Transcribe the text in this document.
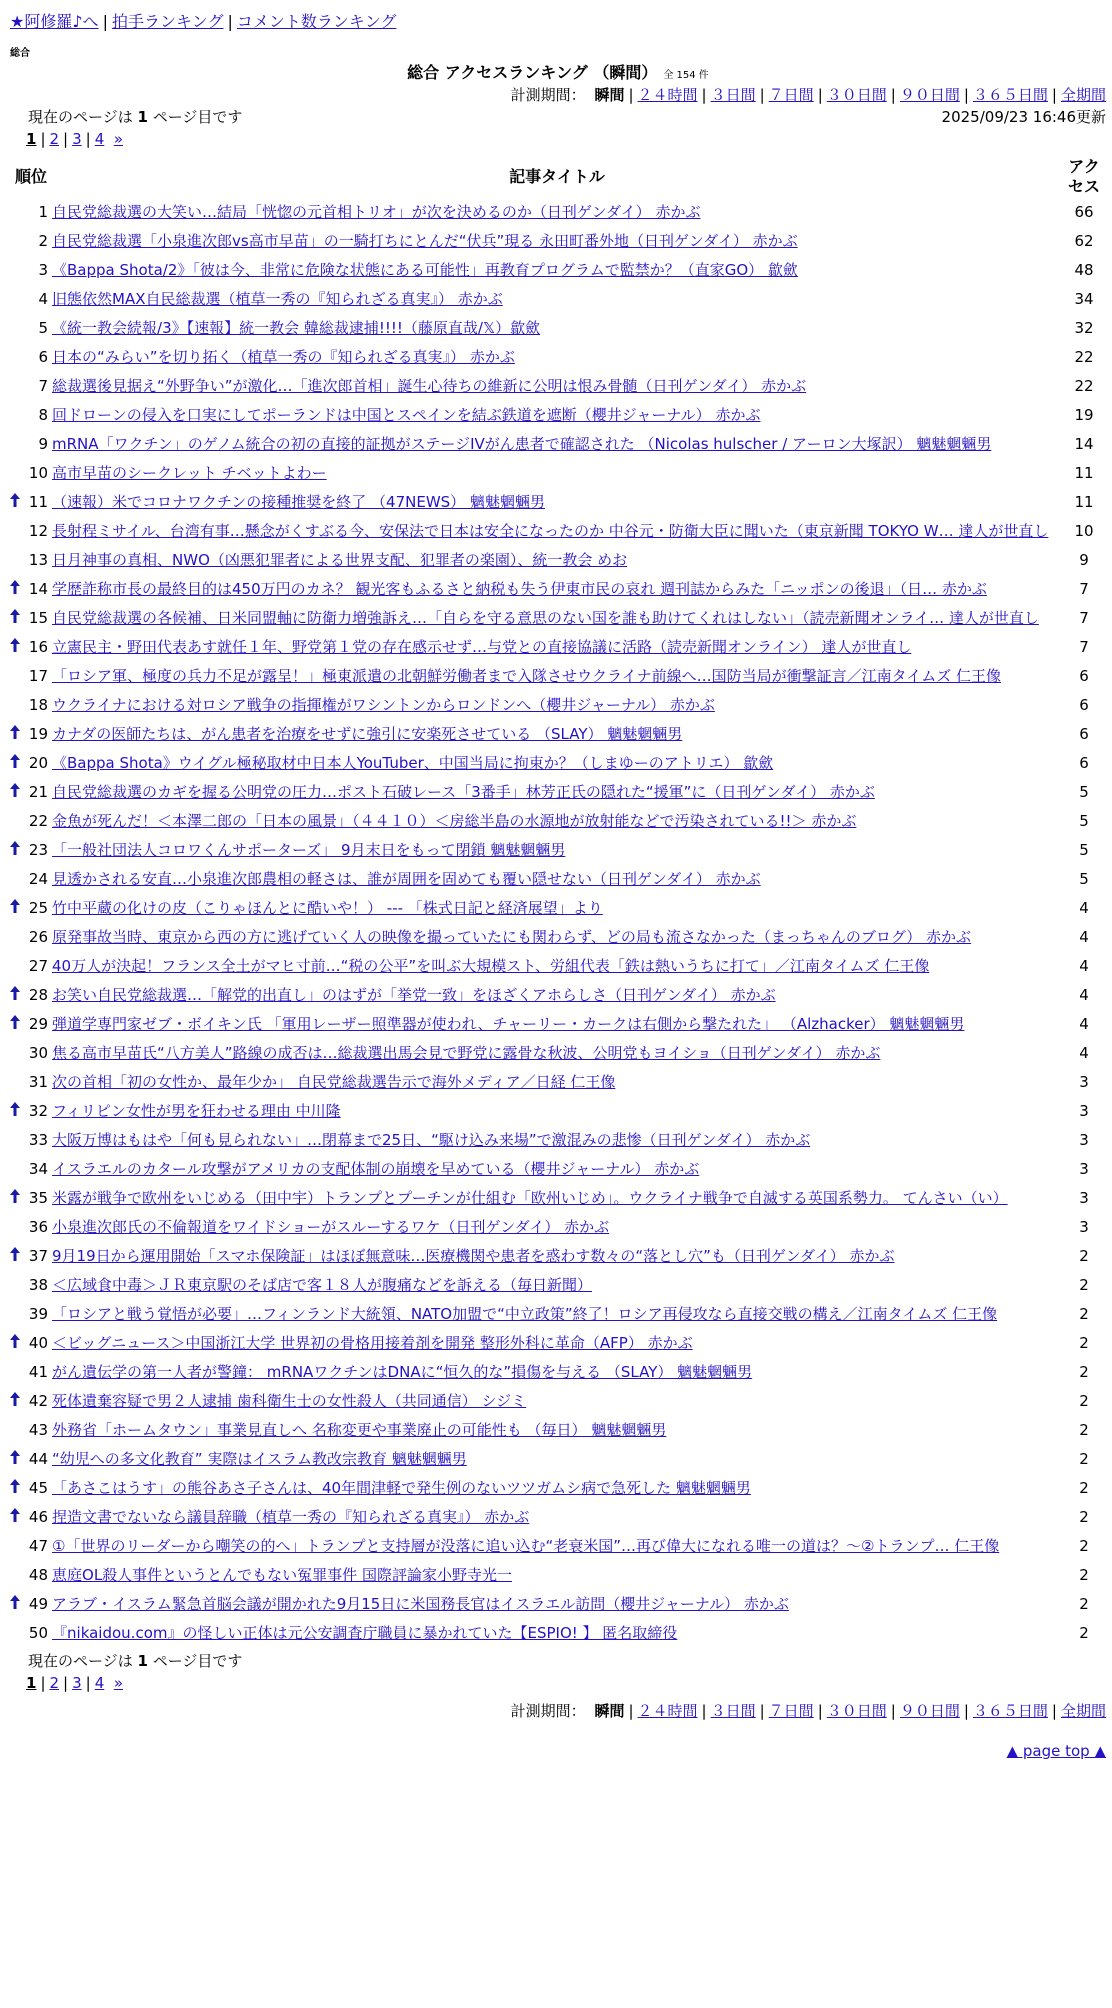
★阿修羅♪へ | 拍手ランキング | コメント数ランキング
総合
総合 アクセスランキング （瞬間） 全 154 件
計測期間： 瞬間 | ２４時間 | ３日間 | ７日間 | ３０日間 | ９０日間 | ３６５日間 | 全期間
現在のページは 1 ページ目です	2025/09/23 16:46更新
1 | 2 | 3 | 4 »
順位		記事タイトル	アクセス
	1	自民党総裁選の大笑い…結局「恍惚の元首相トリオ」が次を決めるのか（日刊ゲンダイ） 赤かぶ	66
	2	自民党総裁選「小泉進次郎vs高市早苗」の一騎打ちにとんだ“伏兵”現る 永田町番外地（日刊ゲンダイ） 赤かぶ	62
	3	《Bappa Shota/2》「彼は今、非常に危険な状態にある可能性」再教育プログラムで監禁か？（直家GO） 歙歛	48
	4	旧態依然MAX自民総裁選（植草一秀の『知られざる真実』） 赤かぶ	34
	5	《統一教会続報/3》【速報】統一教会 韓総裁逮捕!!!!（藤原直哉/𝕏）歙歛	32
	6	日本の“みらい”を切り拓く（植草一秀の『知られざる真実』） 赤かぶ	22
	7	総裁選後見据え“外野争い”が激化…「進次郎首相」誕生心待ちの維新に公明は恨み骨髄（日刊ゲンダイ） 赤かぶ	22
	8	回ドローンの侵入を口実にしてポーランドは中国とスペインを結ぶ鉄道を遮断（櫻井ジャーナル） 赤かぶ	19
	9	mRNA「ワクチン」のゲノム統合の初の直接的証拠がステージIVがん患者で確認された （Nicolas hulscher / アーロン大塚訳） 魑魅魍魎男	14
	10	高市早苗のシークレット チベットよわー	11
	11	（速報）米でコロナワクチンの接種推奨を終了 （47NEWS） 魑魅魍魎男	11
	12	長射程ミサイル、台湾有事…懸念がくすぶる今、安保法で日本は安全になったのか 中谷元・防衛大臣に聞いた（東京新聞 TOKYO W… 達人が世直し	10
	13	日月神事の真相、NWO（凶悪犯罪者による世界支配、犯罪者の楽園）、統一教会 めお	9
	14	学歴詐称市長の最終目的は450万円のカネ？ 観光客もふるさと納税も失う伊東市民の哀れ 週刊誌からみた「ニッポンの後退」（日… 赤かぶ	7
	15	自民党総裁選の各候補、日米同盟軸に防衛力増強訴え…「自らを守る意思のない国を誰も助けてくれはしない」（読売新聞オンライ… 達人が世直し	7
	16	立憲民主・野田代表あす就任１年、野党第１党の存在感示せず…与党との直接協議に活路（読売新聞オンライン） 達人が世直し	7
	17	「ロシア軍、極度の兵力不足が露呈！」極東派遣の北朝鮮労働者まで入隊させウクライナ前線へ…国防当局が衝撃証言／江南タイムズ 仁王像	6
	18	ウクライナにおける対ロシア戦争の指揮権がワシントンからロンドンへ（櫻井ジャーナル） 赤かぶ	6
	19	カナダの医師たちは、がん患者を治療をせずに強引に安楽死させている （SLAY） 魑魅魍魎男	6
	20	《Bappa Shota》ウイグル極秘取材中日本人YouTuber、中国当局に拘束か？（しまゆーのアトリエ） 歙歛	6
	21	自民党総裁選のカギを握る公明党の圧力…ポスト石破レース「3番手」林芳正氏の隠れた“援軍”に（日刊ゲンダイ） 赤かぶ	5
	22	金魚が死んだ！＜本澤二郎の「日本の風景」（４４１０）＜房総半島の水源地が放射能などで汚染されている!!＞ 赤かぶ	5
	23	「一般社団法人コロワくんサポーターズ」 9月末日をもって閉鎖 魑魅魍魎男	5
	24	見透かされる安直…小泉進次郎農相の軽さは、誰が周囲を固めても覆い隠せない（日刊ゲンダイ） 赤かぶ	5
	25	竹中平蔵の化けの皮（こりゃほんとに酷いや！） --- 「株式日記と経済展望」より	4
	26	原発事故当時、東京から西の方に逃げていく人の映像を撮っていたにも関わらず、どの局も流さなかった（まっちゃんのブログ） 赤かぶ	4
	27	40万人が決起！フランス全土がマヒ寸前…“税の公平”を叫ぶ大規模スト、労組代表「鉄は熱いうちに打て」／江南タイムズ 仁王像	4
	28	お笑い自民党総裁選…「解党的出直し」のはずが「挙党一致」をほざくアホらしさ（日刊ゲンダイ） 赤かぶ	4
	29	弾道学専門家ゼブ・ボイキン氏 「軍用レーザー照準器が使われ、チャーリー・カークは右側から撃たれた」 （Alzhacker） 魑魅魍魎男	4
	30	焦る高市早苗氏“八方美人”路線の成否は…総裁選出馬会見で野党に露骨な秋波、公明党もヨイショ（日刊ゲンダイ） 赤かぶ	4
	31	次の首相「初の女性か、最年少か」 自民党総裁選告示で海外メディア／日経 仁王像	3
	32	フィリピン女性が男を狂わせる理由 中川隆	3
	33	大阪万博はもはや「何も見られない」…閉幕まで25日、“駆け込み来場”で激混みの悲惨（日刊ゲンダイ） 赤かぶ	3
	34	イスラエルのカタール攻撃がアメリカの支配体制の崩壊を早めている（櫻井ジャーナル） 赤かぶ	3
	35	米露が戦争で欧州をいじめる（田中宇）トランプとプーチンが仕組む「欧州いじめ」。ウクライナ戦争で自滅する英国系勢力。 てんさい（い）	3
	36	小泉進次郎氏の不倫報道をワイドショーがスルーするワケ（日刊ゲンダイ） 赤かぶ	3
	37	9月19日から運用開始「スマホ保険証」はほぼ無意味…医療機関や患者を惑わす数々の“落とし穴”も（日刊ゲンダイ） 赤かぶ	2
	38	＜広域食中毒＞ＪＲ東京駅のそば店で客１８人が腹痛などを訴える（毎日新聞）	2
	39	「ロシアと戦う覚悟が必要」…フィンランド大統領、NATO加盟で“中立政策”終了！ロシア再侵攻なら直接交戦の構え／江南タイムズ 仁王像	2
	40	＜ビッグニュース＞中国浙江大学 世界初の骨格用接着剤を開発 整形外科に革命（AFP） 赤かぶ	2
	41	がん遺伝学の第一人者が警鐘： mRNAワクチンはDNAに“恒久的な”損傷を与える （SLAY） 魑魅魍魎男	2
	42	死体遺棄容疑で男２人逮捕 歯科衛生士の女性殺人（共同通信） シジミ	2
	43	外務省「ホームタウン」事業見直しへ 名称変更や事業廃止の可能性も （毎日） 魑魅魍魎男	2
	44	“幼児への多文化教育” 実際はイスラム教改宗教育 魑魅魍魎男	2
	45	「あさこはうす」の熊谷あさ子さんは、40年間津軽で発生例のないツツガムシ病で急死した 魑魅魍魎男	2
	46	捏造文書でないなら議員辞職（植草一秀の『知られざる真実』） 赤かぶ	2
	47	①「世界のリーダーから嘲笑の的へ」トランプと支持層が没落に追い込む“老衰米国”…再び偉大になれる唯一の道は？～②トランプ… 仁王像	2
	48	恵庭OL殺人事件というとんでもない冤罪事件 国際評論家小野寺光一	2
	49	アラブ・イスラム緊急首脳会議が開かれた9月15日に米国務長官はイスラエル訪問（櫻井ジャーナル） 赤かぶ	2
	50	『nikaidou.com』の怪しい正体は元公安調査庁職員に暴かれていた【ESPIO! 】 匿名取締役	2
現在のページは 1 ページ目です
1 | 2 | 3 | 4 »
計測期間： 瞬間 | ２４時間 | ３日間 | ７日間 | ３０日間 | ９０日間 | ３６５日間 | 全期間
▲ page top ▲
